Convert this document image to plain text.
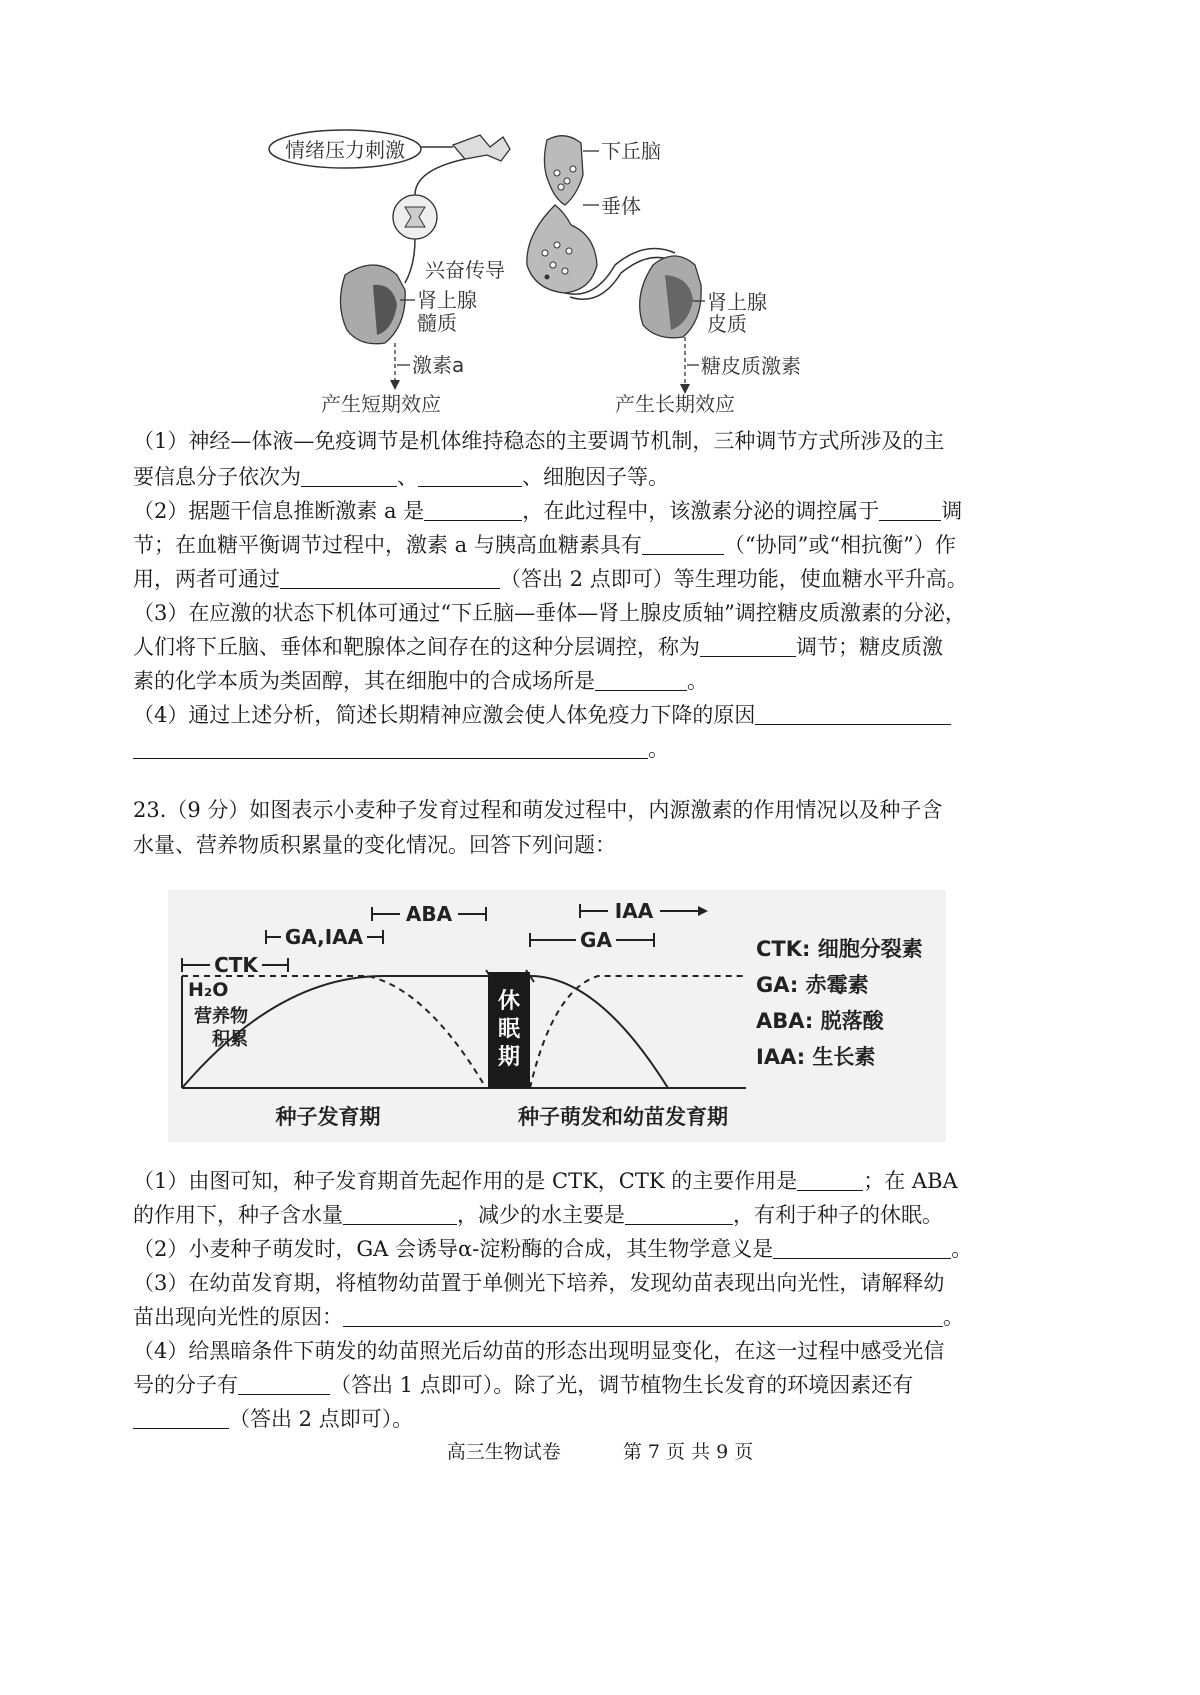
情绪压力刺激	下丘脑
垂体
兴奋传导
肾上腺
髓质
激素a
产生短期效应
肾上腺
皮质
糖皮质激素
产生长期效应
（1）神经—体液—免疫调节是机体维持稳态的主要调节机制，三种调节方式所涉及的主
要信息分子依次为	、	、细胞因子等。
（2）据题干信息推断激素 a 是	，在此过程中，该激素分泌的调控属于	调
节；在血糖平衡调节过程中，激素 a 与胰高血糖素具有	（“协同”或“相抗衡”）作
用，两者可通过	（答出 2 点即可）等生理功能，使血糖水平升高。
（3）在应激的状态下机体可通过“下丘脑—垂体—肾上腺皮质轴”调控糖皮质激素的分泌，
人们将下丘脑、垂体和靶腺体之间存在的这种分层调控，称为	调节；糖皮质激
素的化学本质为类固醇，其在细胞中的合成场所是	。
（4）通过上述分析，简述长期精神应激会使人体免疫力下降的原因
。
23.（9 分）如图表示小麦种子发育过程和萌发过程中，内源激素的作用情况以及种子含
水量、营养物质积累量的变化情况。回答下列问题：
CTK
GA,IAA
ABA	IAA
GA
休
眠
期
H₂O
营养物
积累
种子发育期	种子萌发和幼苗发育期
CTK: 细胞分裂素
GA: 赤霉素
ABA: 脱落酸
IAA: 生长素
（1）由图可知，种子发育期首先起作用的是 CTK，CTK 的主要作用是	；在 ABA
的作用下，种子含水量	，减少的水主要是	，有利于种子的休眠。
（2）小麦种子萌发时，GA 会诱导α-淀粉酶的合成，其生物学意义是	。
（3）在幼苗发育期，将植物幼苗置于单侧光下培养，发现幼苗表现出向光性，请解释幼
苗出现向光性的原因：	。
（4）给黑暗条件下萌发的幼苗照光后幼苗的形态出现明显变化，在这一过程中感受光信
号的分子有	（答出 1 点即可）。除了光，调节植物生长发育的环境因素还有
（答出 2 点即可）。
高三生物试卷	第 7 页 共 9 页
